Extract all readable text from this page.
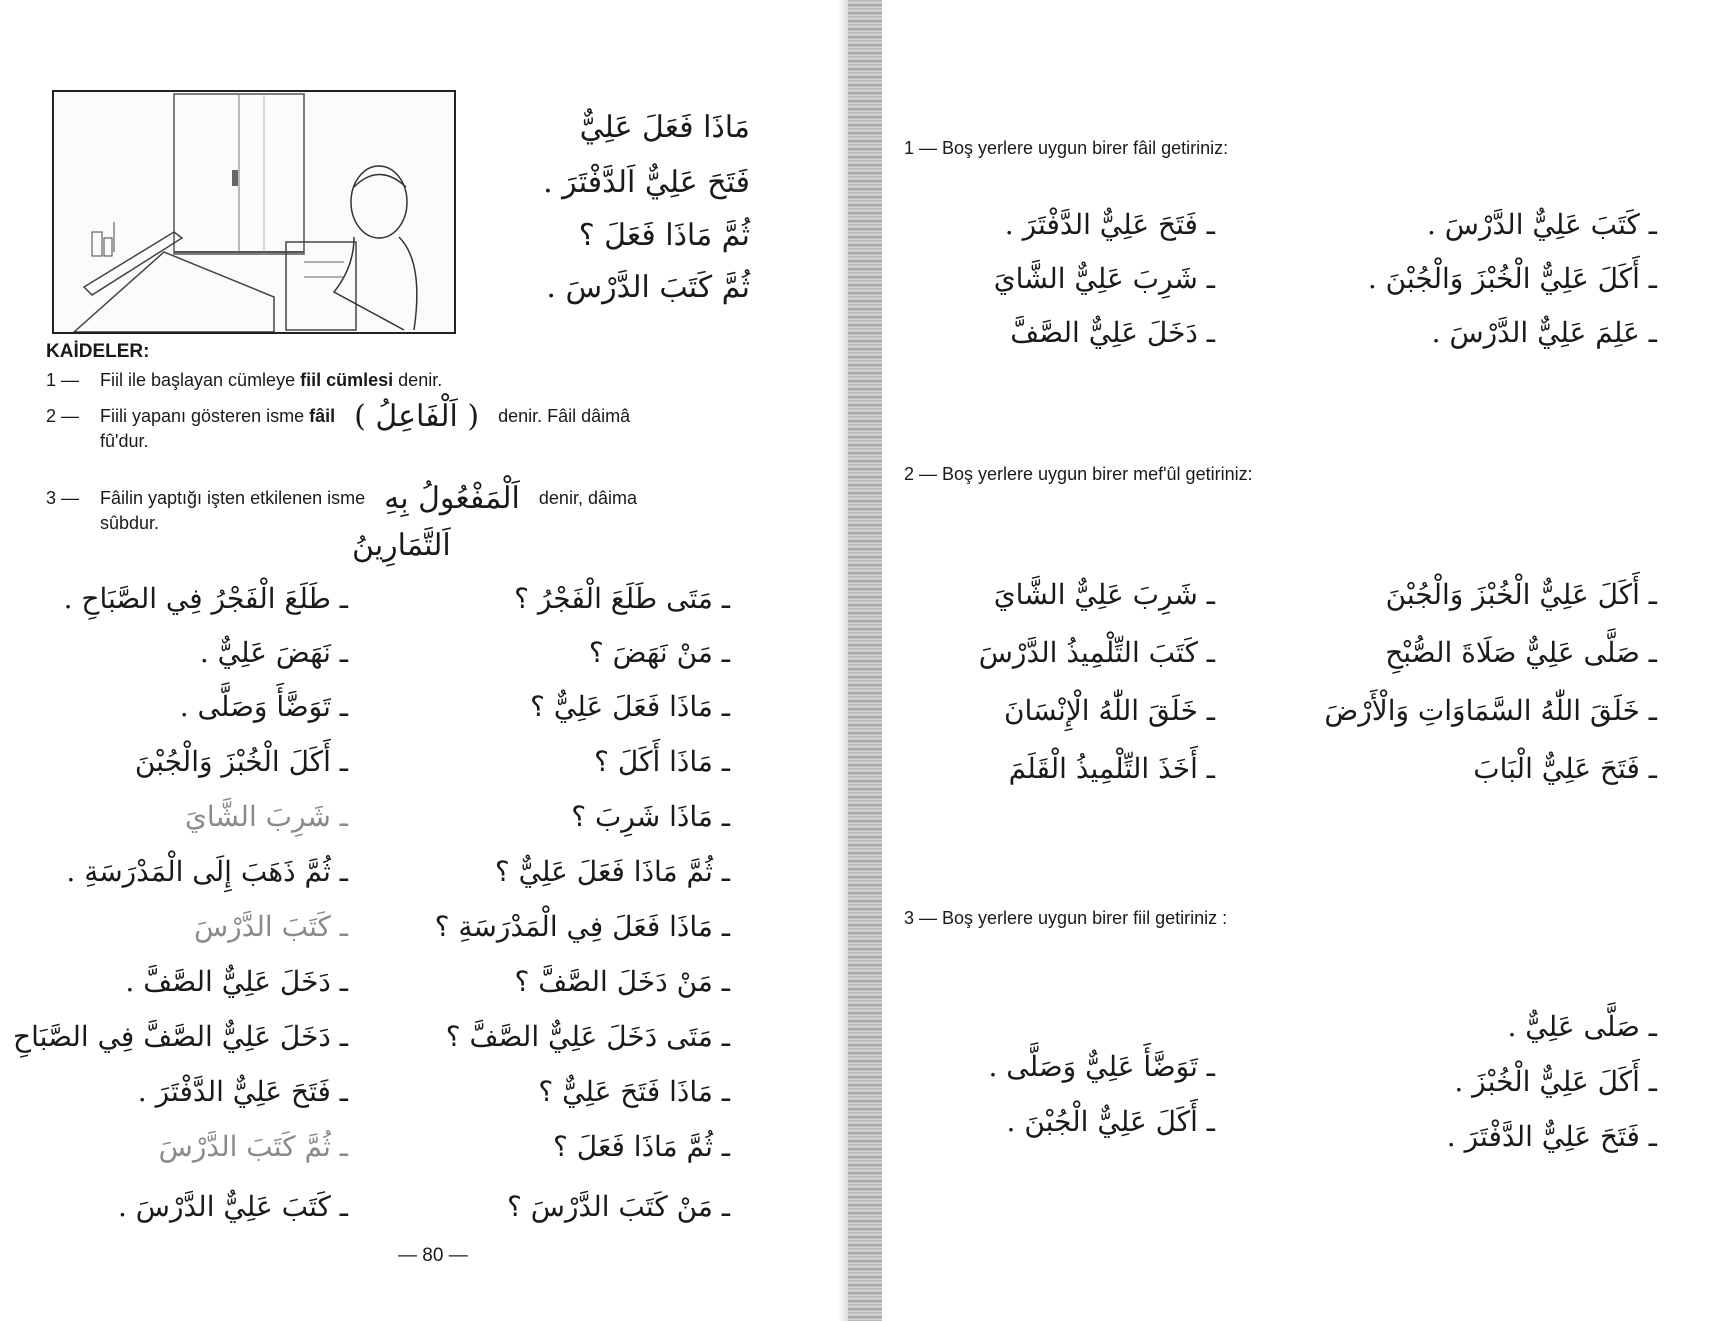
مَاذَا فَعَلَ عَلِيٌّ
فَتَحَ عَلِيٌّ اَلدَّفْتَرَ .
ثُمَّ مَاذَا فَعَلَ ؟
ثُمَّ كَتَبَ الدَّرْسَ .
KAİDELER:
1 — Fiil ile başlayan cümleye fiil cümlesi denir.
2 — Fiili yapanı gösteren isme fâil ( اَلْفَاعِلُ ) denir. Fâil dâimâ
fû'dur.
3 — Fâilin yaptığı işten etkilenen isme اَلْمَفْعُولُ بِهِ denir, dâima
sûbdur.
اَلتَّمَارِينُ
ـ مَتَى طَلَعَ الْفَجْرُ ؟
ـ طَلَعَ الْفَجْرُ فِي الصَّبَاحِ .
ـ مَنْ نَهَضَ ؟
ـ نَهَضَ عَلِيٌّ .
ـ مَاذَا فَعَلَ عَلِيٌّ ؟
ـ تَوَضَّأَ وَصَلَّى .
ـ مَاذَا أَكَلَ ؟
ـ أَكَلَ الْخُبْزَ وَالْجُبْنَ
ـ مَاذَا شَرِبَ ؟
ـ شَرِبَ الشَّايَ
ـ ثُمَّ مَاذَا فَعَلَ عَلِيٌّ ؟
ـ ثُمَّ ذَهَبَ إِلَى الْمَدْرَسَةِ .
ـ مَاذَا فَعَلَ فِي الْمَدْرَسَةِ ؟
ـ كَتَبَ الدَّرْسَ
ـ مَنْ دَخَلَ الصَّفَّ ؟
ـ دَخَلَ عَلِيٌّ الصَّفَّ .
ـ مَتَى دَخَلَ عَلِيٌّ الصَّفَّ ؟
ـ دَخَلَ عَلِيٌّ الصَّفَّ فِي الصَّبَاحِ
ـ مَاذَا فَتَحَ عَلِيٌّ ؟
ـ فَتَحَ عَلِيٌّ الدَّفْتَرَ .
ـ ثُمَّ مَاذَا فَعَلَ ؟
ـ ثُمَّ كَتَبَ الدَّرْسَ
ـ مَنْ كَتَبَ الدَّرْسَ ؟
ـ كَتَبَ عَلِيٌّ الدَّرْسَ .
— 80 —
1 — Boş yerlere uygun birer fâil getiriniz:
ـ كَتَبَ عَلِيٌّ الدَّرْسَ .
ـ فَتَحَ عَلِيٌّ الدَّفْتَرَ .
ـ أَكَلَ عَلِيٌّ الْخُبْزَ وَالْجُبْنَ .
ـ شَرِبَ عَلِيٌّ الشَّايَ
ـ عَلِمَ عَلِيٌّ الدَّرْسَ .
ـ دَخَلَ عَلِيٌّ الصَّفَّ
2 — Boş yerlere uygun birer mef'ûl getiriniz:
ـ أَكَلَ عَلِيٌّ الْخُبْزَ وَالْجُبْنَ
ـ شَرِبَ عَلِيٌّ الشَّايَ
ـ صَلَّى عَلِيٌّ صَلَاةَ الصُّبْحِ
ـ كَتَبَ التِّلْمِيذُ الدَّرْسَ
ـ خَلَقَ اللّٰهُ السَّمَاوَاتِ وَالْأَرْضَ
ـ خَلَقَ اللّٰهُ الْإِنْسَانَ
ـ فَتَحَ عَلِيٌّ الْبَابَ
ـ أَخَذَ التِّلْمِيذُ الْقَلَمَ
3 — Boş yerlere uygun birer fiil getiriniz :
ـ صَلَّى عَلِيٌّ .
ـ أَكَلَ عَلِيٌّ الْخُبْزَ .
ـ فَتَحَ عَلِيٌّ الدَّفْتَرَ .
ـ تَوَضَّأَ عَلِيٌّ وَصَلَّى .
ـ أَكَلَ عَلِيٌّ الْجُبْنَ .
